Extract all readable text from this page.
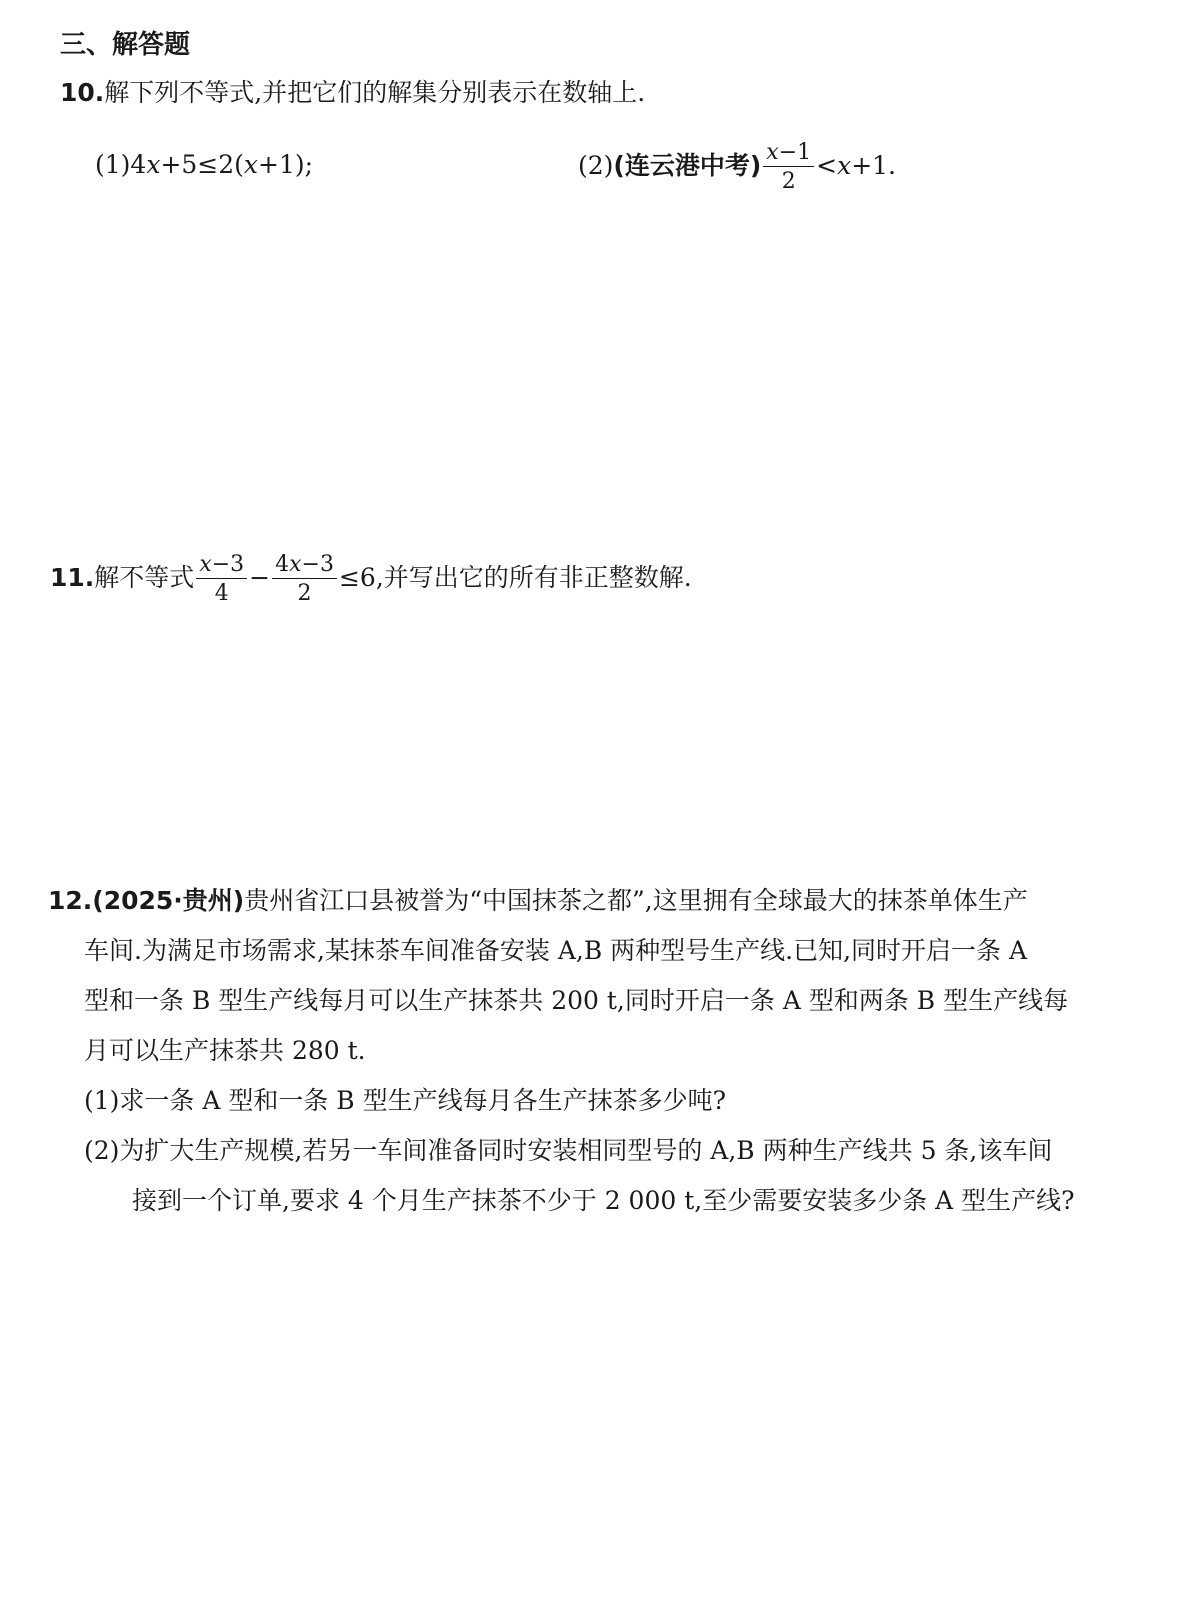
三、解答题
10.解下列不等式,并把它们的解集分别表示在数轴上.
(1)4x+5≤2(x+1);	(2)(连云港中考) $\frac{x-1}{2} <x+1$.
11.解不等式 $\frac{x-3}{4} - \frac{4x-3}{2} \le 6$,并写出它的所有非正整数解.
12.(2025·贵州)贵州省江口县被誉为“中国抹茶之都”,这里拥有全球最大的抹茶单体生产
车间.为满足市场需求,某抹茶车间准备安装 A,B 两种型号生产线.已知,同时开启一条 A
型和一条 B 型生产线每月可以生产抹茶共 200 t,同时开启一条 A 型和两条 B 型生产线每
月可以生产抹茶共 280 t.
(1)求一条 A 型和一条 B 型生产线每月各生产抹茶多少吨?
(2)为扩大生产规模,若另一车间准备同时安装相同型号的 A,B 两种生产线共 5 条,该车间
接到一个订单,要求 4 个月生产抹茶不少于 2 000 t,至少需要安装多少条 A 型生产线?
